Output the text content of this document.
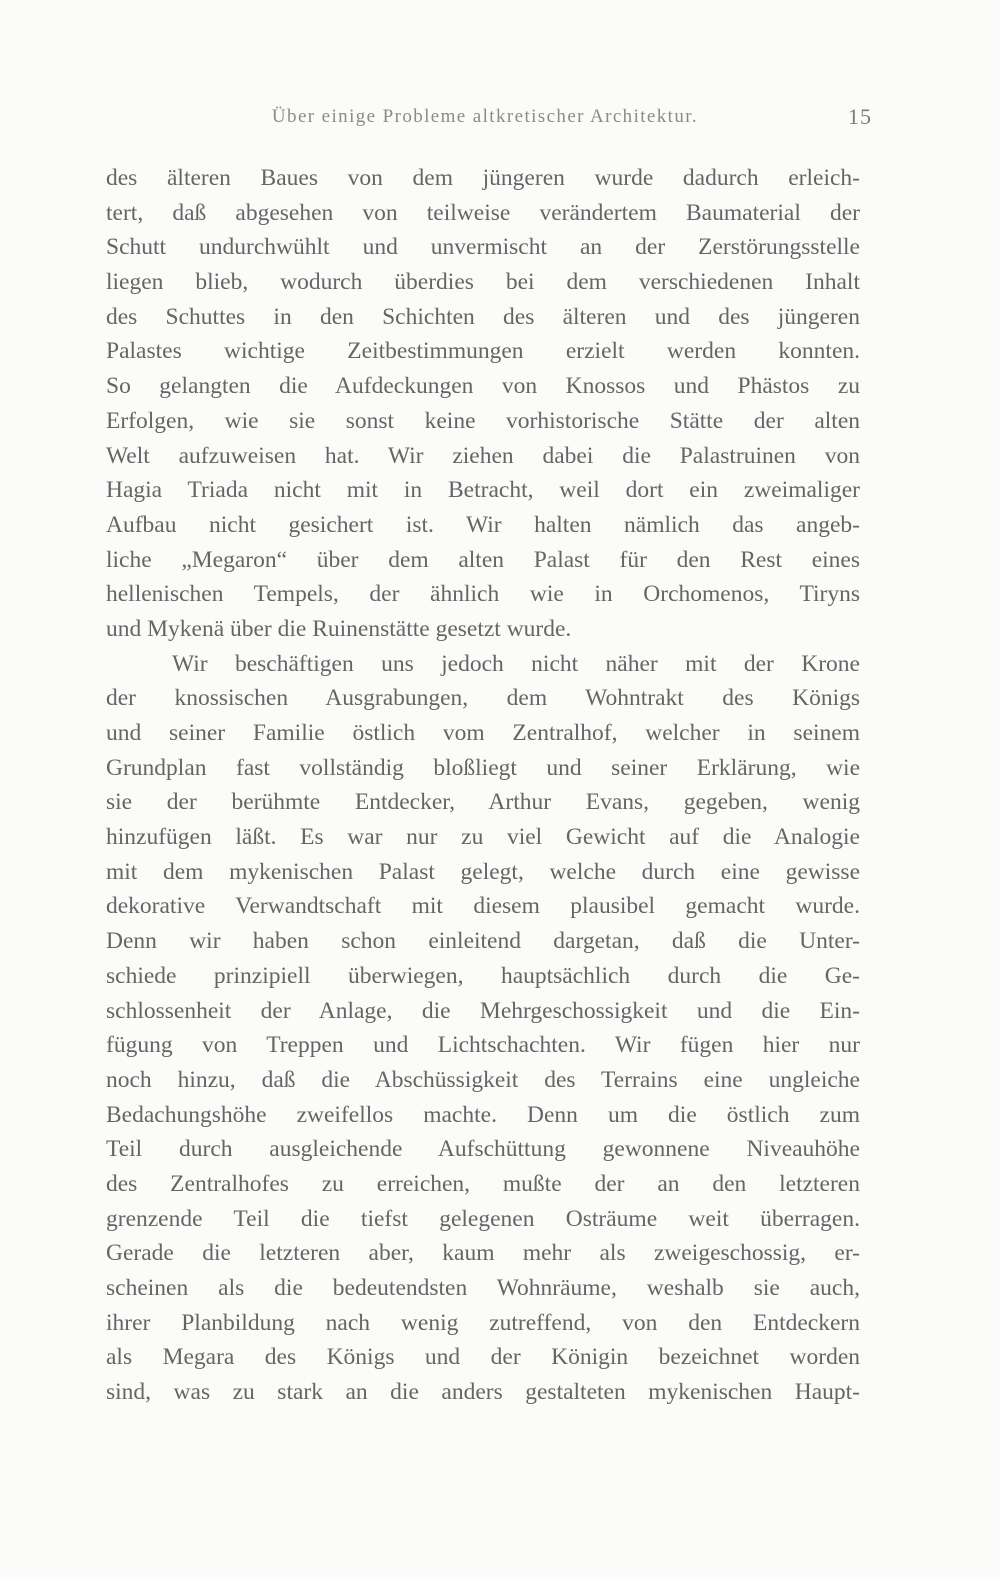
Über einige Probleme altkretischer Architektur.	15
des älteren Baues von dem jüngeren wurde dadurch erleich-
tert, daß abgesehen von teilweise verändertem Baumaterial der
Schutt undurchwühlt und unvermischt an der Zerstörungsstelle
liegen blieb, wodurch überdies bei dem verschiedenen Inhalt
des Schuttes in den Schichten des älteren und des jüngeren
Palastes wichtige Zeitbestimmungen erzielt werden konnten.
So gelangten die Aufdeckungen von Knossos und Phästos zu
Erfolgen, wie sie sonst keine vorhistorische Stätte der alten
Welt aufzuweisen hat. Wir ziehen dabei die Palastruinen von
Hagia Triada nicht mit in Betracht, weil dort ein zweimaliger
Aufbau nicht gesichert ist. Wir halten nämlich das angeb-
liche „Megaron“ über dem alten Palast für den Rest eines
hellenischen Tempels, der ähnlich wie in Orchomenos, Tiryns
und Mykenä über die Ruinenstätte gesetzt wurde.
Wir beschäftigen uns jedoch nicht näher mit der Krone
der knossischen Ausgrabungen, dem Wohntrakt des Königs
und seiner Familie östlich vom Zentralhof, welcher in seinem
Grundplan fast vollständig bloßliegt und seiner Erklärung, wie
sie der berühmte Entdecker, Arthur Evans, gegeben, wenig
hinzufügen läßt. Es war nur zu viel Gewicht auf die Analogie
mit dem mykenischen Palast gelegt, welche durch eine gewisse
dekorative Verwandtschaft mit diesem plausibel gemacht wurde.
Denn wir haben schon einleitend dargetan, daß die Unter-
schiede prinzipiell überwiegen, hauptsächlich durch die Ge-
schlossenheit der Anlage, die Mehrgeschossigkeit und die Ein-
fügung von Treppen und Lichtschachten. Wir fügen hier nur
noch hinzu, daß die Abschüssigkeit des Terrains eine ungleiche
Bedachungshöhe zweifellos machte. Denn um die östlich zum
Teil durch ausgleichende Aufschüttung gewonnene Niveauhöhe
des Zentralhofes zu erreichen, mußte der an den letzteren
grenzende Teil die tiefst gelegenen Osträume weit überragen.
Gerade die letzteren aber, kaum mehr als zweigeschossig, er-
scheinen als die bedeutendsten Wohnräume, weshalb sie auch,
ihrer Planbildung nach wenig zutreffend, von den Entdeckern
als Megara des Königs und der Königin bezeichnet worden
sind, was zu stark an die anders gestalteten mykenischen Haupt-
